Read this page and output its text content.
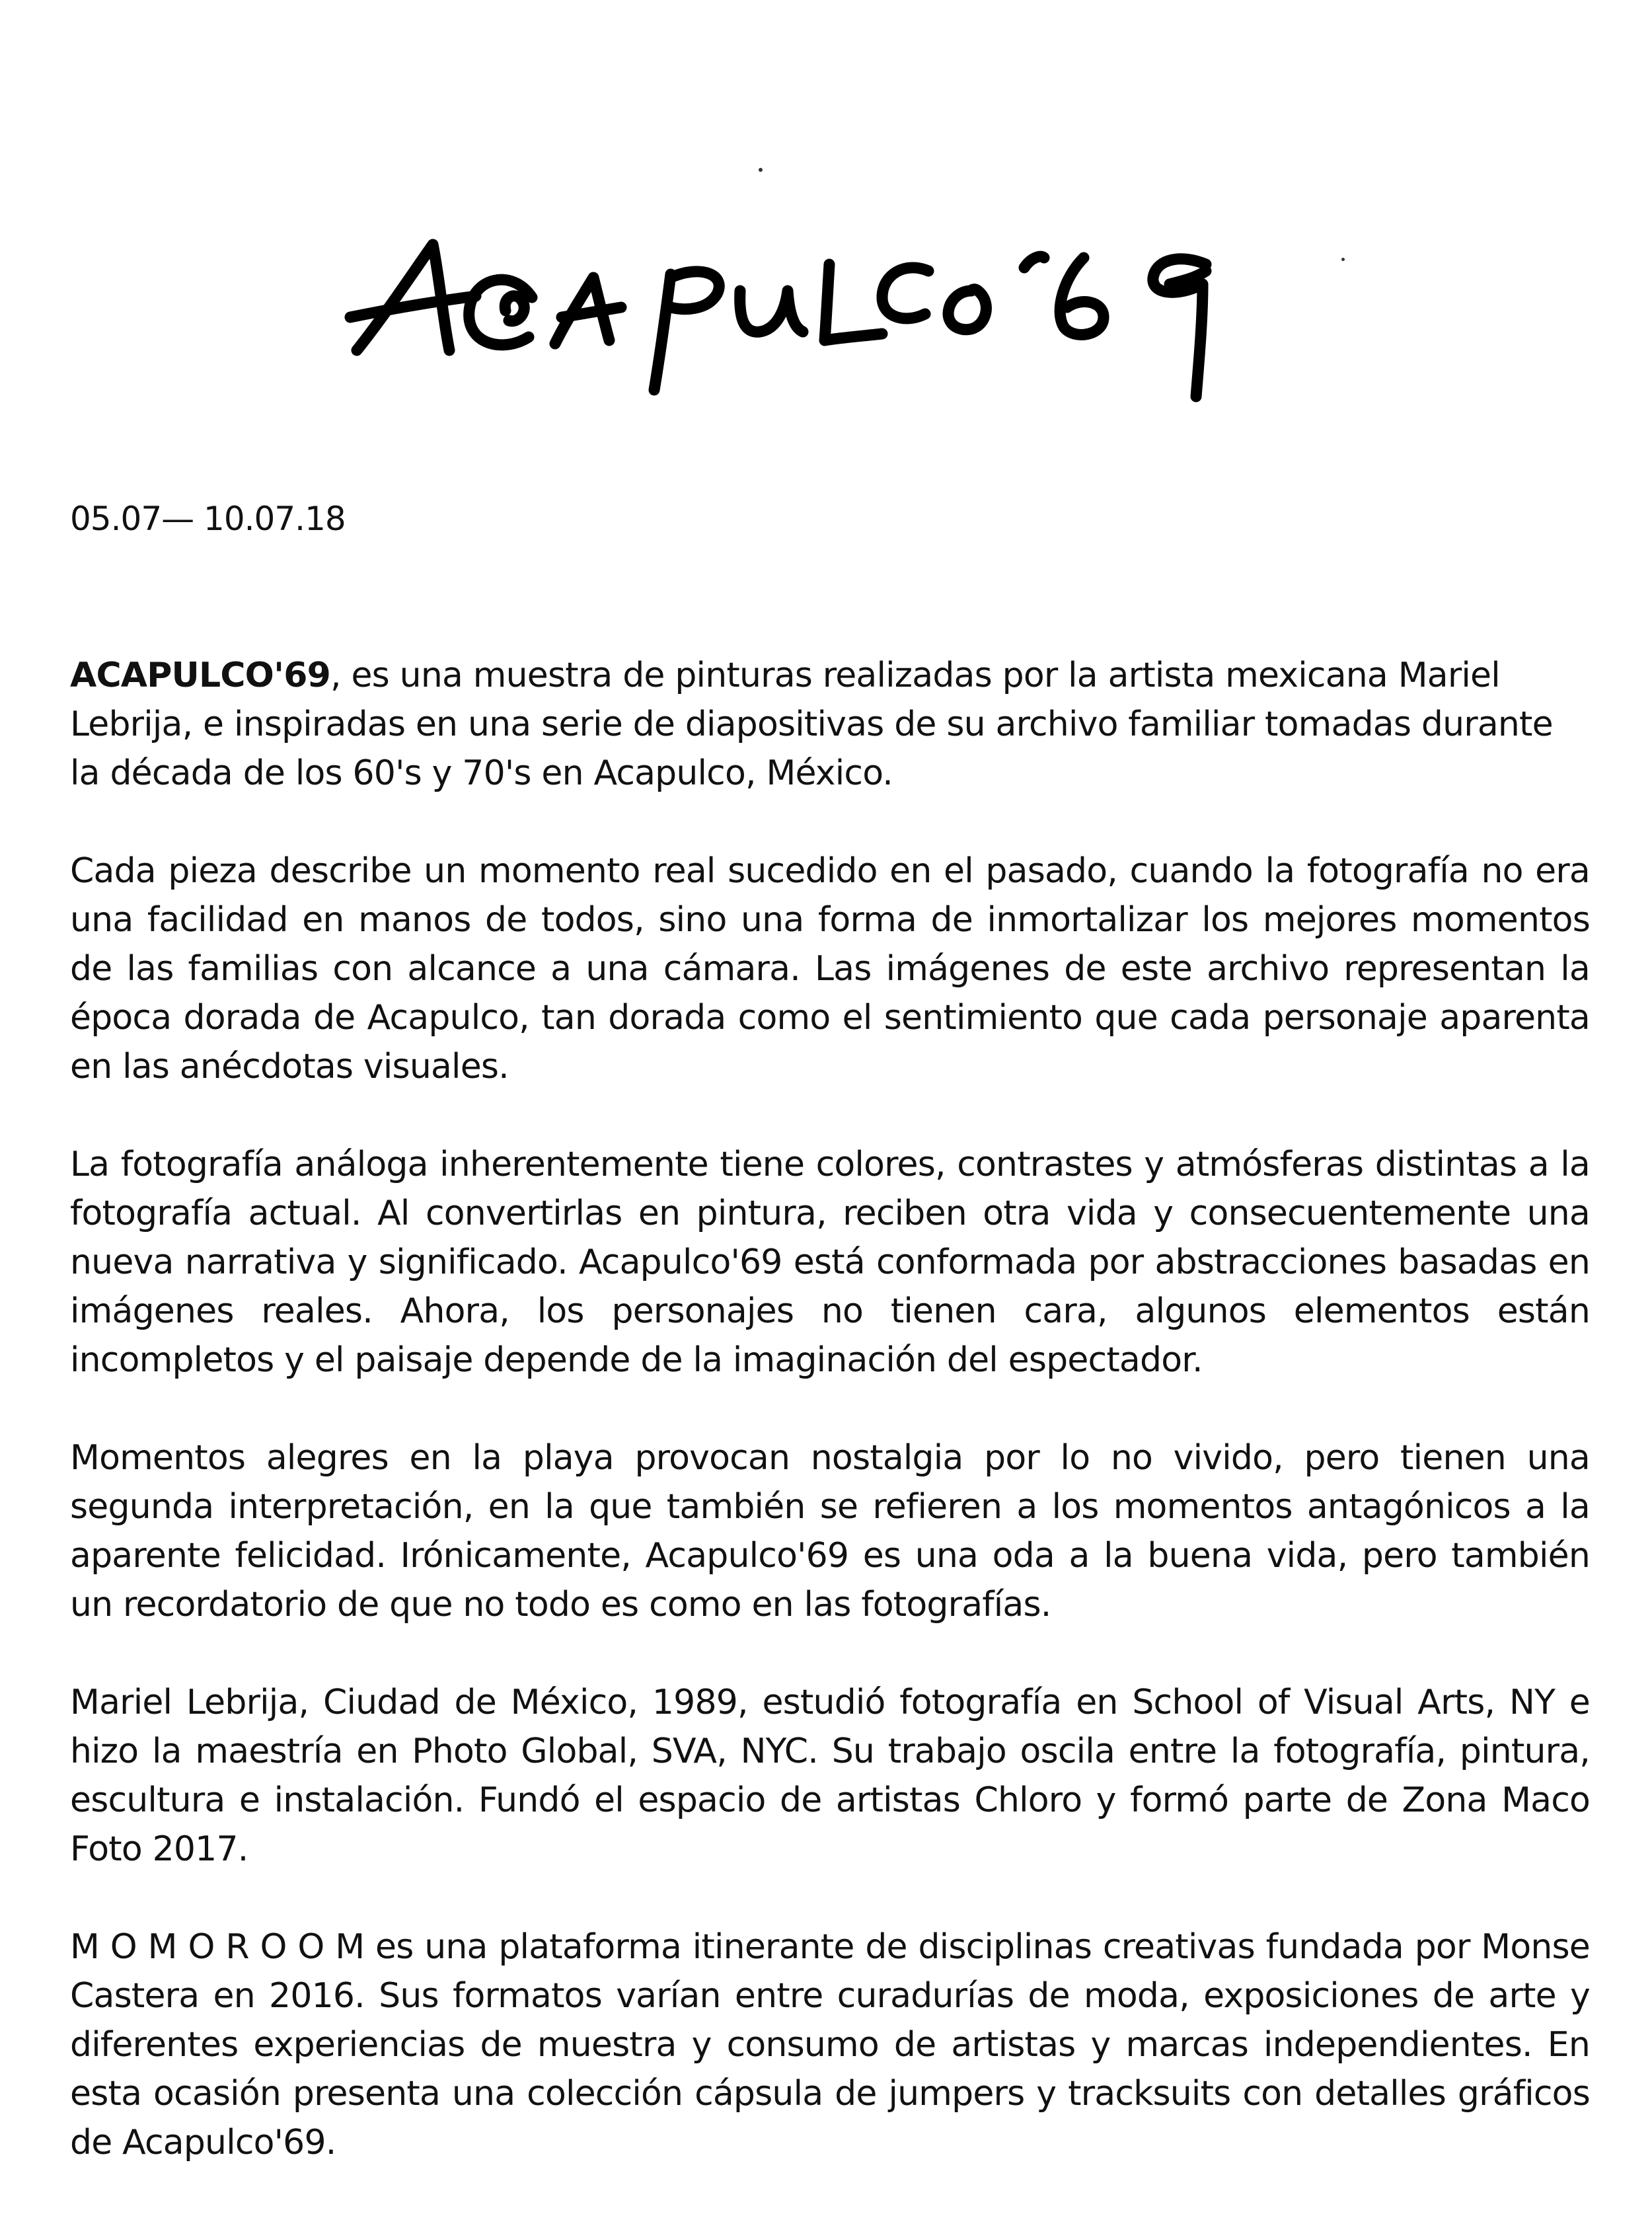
05.07— 10.07.18

ACAPULCO'69, es una muestra de pinturas realizadas por la artista mexicana Mariel Lebrija, e inspiradas en una serie de diapositivas de su archivo familiar tomadas durante la década de los 60's y 70's en Acapulco, México.

Cada pieza describe un momento real sucedido en el pasado, cuando la fotografía no era una facilidad en manos de todos, sino una forma de inmortalizar los mejores momentos de las familias con alcance a una cámara. Las imágenes de este archivo representan la época dorada de Acapulco, tan dorada como el sentimiento que cada personaje aparenta en las anécdotas visuales.

La fotografía análoga inherentemente tiene colores, contrastes y atmósferas distintas a la fotografía actual. Al convertirlas en pintura, reciben otra vida y consecuentemente una nueva narrativa y significado. Acapulco'69 está conformada por abstracciones basadas en imágenes reales. Ahora, los personajes no tienen cara, algunos elementos están incompletos y el paisaje depende de la imaginación del espectador.

Momentos alegres en la playa provocan nostalgia por lo no vivido, pero tienen una segunda interpretación, en la que también se refieren a los momentos antagónicos a la aparente felicidad. Irónicamente, Acapulco'69 es una oda a la buena vida, pero también un recordatorio de que no todo es como en las fotografías.

Mariel Lebrija, Ciudad de México, 1989, estudió fotografía en School of Visual Arts, NY e hizo la maestría en Photo Global, SVA, NYC. Su trabajo oscila entre la fotografía, pintura, escultura e instalación. Fundó el espacio de artistas Chloro y formó parte de Zona Maco Foto 2017.

M O M O R O O M es una plataforma itinerante de disciplinas creativas fundada por Monse Castera en 2016. Sus formatos varían entre curadurías de moda, exposiciones de arte y diferentes experiencias de muestra y consumo de artistas y marcas independientes. En esta ocasión presenta una colección cápsula de jumpers y tracksuits con detalles gráficos de Acapulco'69.
